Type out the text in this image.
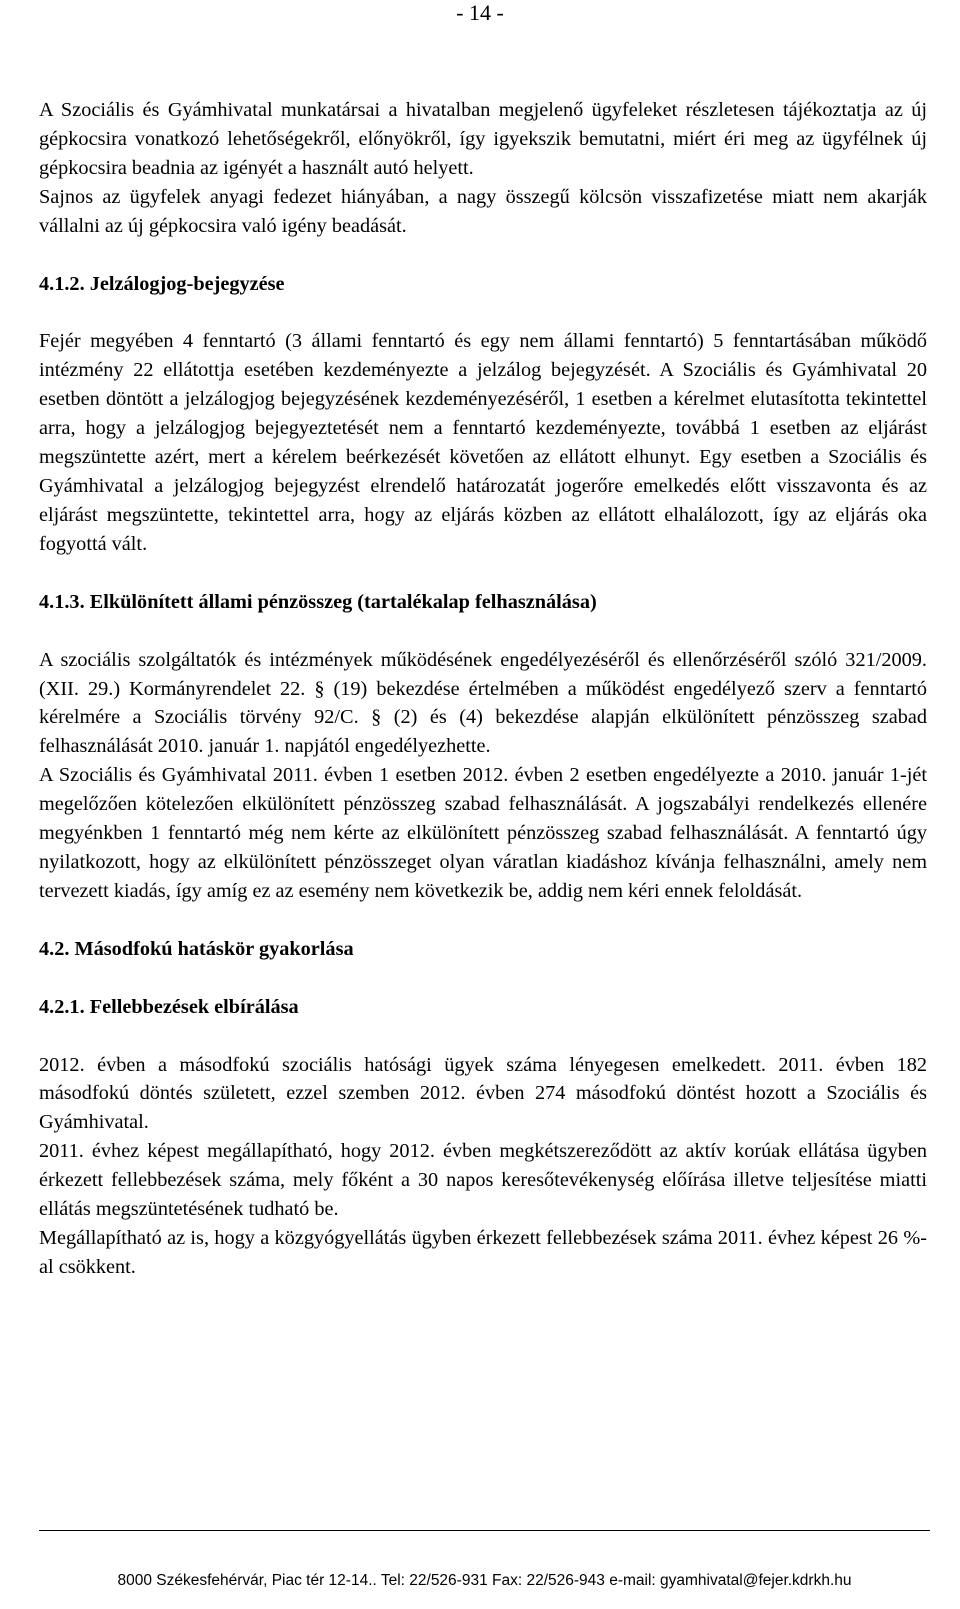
- 14 -

A Szociális és Gyámhivatal munkatársai a hivatalban megjelenő ügyfeleket részletesen tájékoztatja az új gépkocsira vonatkozó lehetőségekről, előnyökről, így igyekszik bemutatni, miért éri meg az ügyfélnek új gépkocsira beadnia az igényét a használt autó helyett.

Sajnos az ügyfelek anyagi fedezet hiányában, a nagy összegű kölcsön visszafizetése miatt nem akarják vállalni az új gépkocsira való igény beadását.

4.1.2. Jelzálogjog-bejegyzése

Fejér megyében 4 fenntartó (3 állami fenntartó és egy nem állami fenntartó) 5 fenntartásában működő intézmény 22 ellátottja esetében kezdeményezte a jelzálog bejegyzését. A Szociális és Gyámhivatal 20 esetben döntött a jelzálogjog bejegyzésének kezdeményezéséről, 1 esetben a kérelmet elutasította tekintettel arra, hogy a jelzálogjog bejegyeztetését nem a fenntartó kezdeményezte, továbbá 1 esetben az eljárást megszüntette azért, mert a kérelem beérkezését követően az ellátott elhunyt. Egy esetben a Szociális és Gyámhivatal a jelzálogjog bejegyzést elrendelő határozatát jogerőre emelkedés előtt visszavonta és az eljárást megszüntette, tekintettel arra, hogy az eljárás közben az ellátott elhalálozott, így az eljárás oka fogyottá vált.

4.1.3. Elkülönített állami pénzösszeg (tartalékalap felhasználása)

A szociális szolgáltatók és intézmények működésének engedélyezéséről és ellenőrzéséről szóló 321/2009. (XII. 29.) Kormányrendelet 22. § (19) bekezdése értelmében a működést engedélyező szerv a fenntartó kérelmére a Szociális törvény 92/C. § (2) és (4) bekezdése alapján elkülönített pénzösszeg szabad felhasználását 2010. január 1. napjától engedélyezhette.

A Szociális és Gyámhivatal 2011. évben 1 esetben 2012. évben 2 esetben engedélyezte a 2010. január 1-jét megelőzően kötelezően elkülönített pénzösszeg szabad felhasználását. A jogszabályi rendelkezés ellenére megyénkben 1 fenntartó még nem kérte az elkülönített pénzösszeg szabad felhasználását. A fenntartó úgy nyilatkozott, hogy az elkülönített pénzösszeget olyan váratlan kiadáshoz kívánja felhasználni, amely nem tervezett kiadás, így amíg ez az esemény nem következik be, addig nem kéri ennek feloldását.

4.2. Másodfokú hatáskör gyakorlása
4.2.1. Fellebbezések elbírálása

2012. évben a másodfokú szociális hatósági ügyek száma lényegesen emelkedett. 2011. évben 182 másodfokú döntés született, ezzel szemben 2012. évben 274 másodfokú döntést hozott a Szociális és Gyámhivatal.

2011. évhez képest megállapítható, hogy 2012. évben megkétszereződött az aktív korúak ellátása ügyben érkezett fellebbezések száma, mely főként a 30 napos keresőtevékenység előírása illetve teljesítése miatti ellátás megszüntetésének tudható be.

Megállapítható az is, hogy a közgyógyellátás ügyben érkezett fellebbezések száma 2011. évhez képest 26 %-al csökkent.

8000 Székesfehérvár, Piac tér 12-14.. Tel: 22/526-931 Fax: 22/526-943 e-mail: gyamhivatal@fejer.kdrkh.hu
